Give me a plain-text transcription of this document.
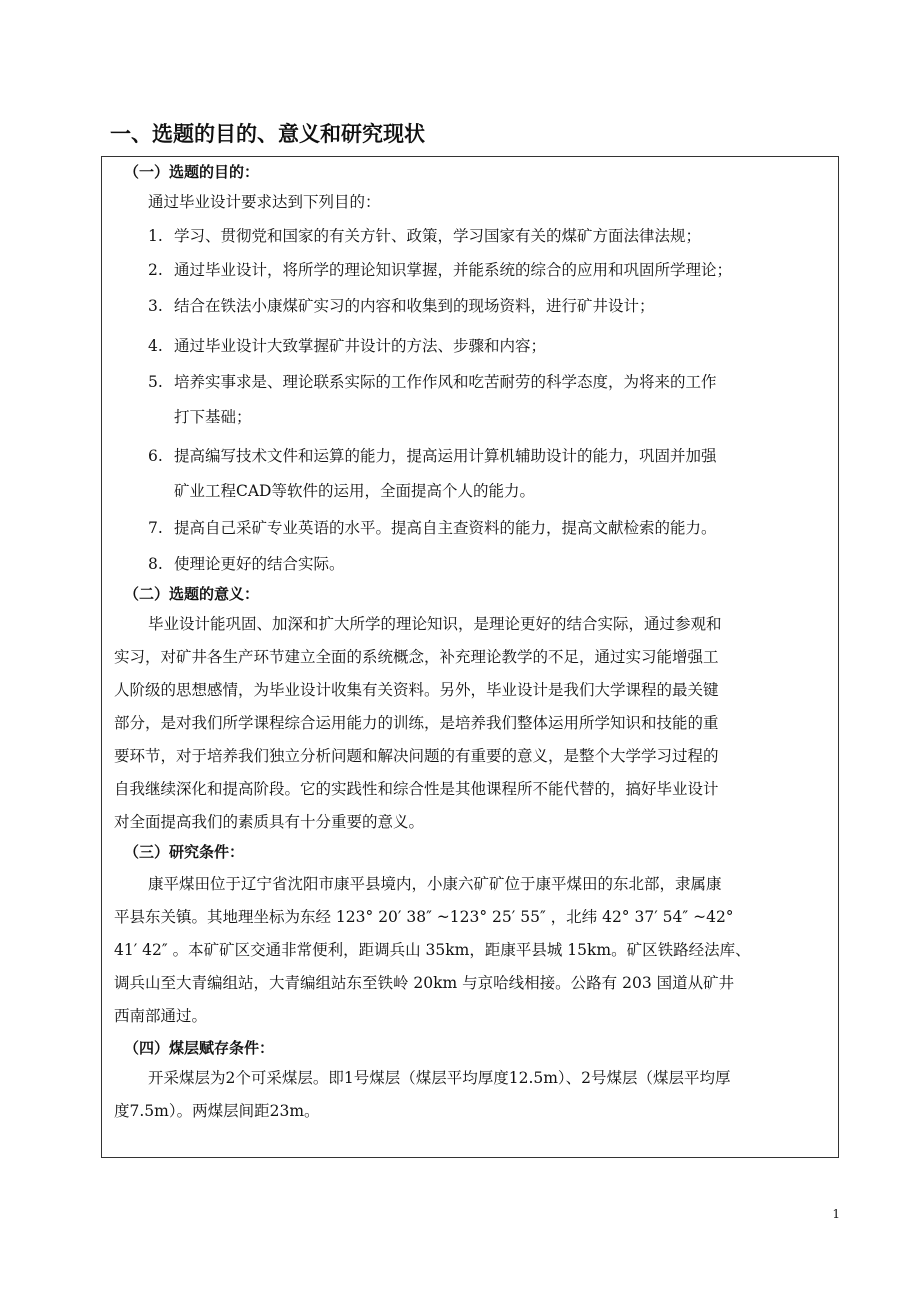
一、选题的目的、意义和研究现状
（一）选题的目的：
通过毕业设计要求达到下列目的：
1. 学习、贯彻党和国家的有关方针、政策，学习国家有关的煤矿方面法律法规；
2. 通过毕业设计，将所学的理论知识掌握，并能系统的综合的应用和巩固所学理论；
3. 结合在铁法小康煤矿实习的内容和收集到的现场资料，进行矿井设计；
4. 通过毕业设计大致掌握矿井设计的方法、步骤和内容；
5. 培养实事求是、理论联系实际的工作作风和吃苦耐劳的科学态度，为将来的工作
打下基础；
6. 提高编写技术文件和运算的能力，提高运用计算机辅助设计的能力，巩固并加强
矿业工程CAD等软件的运用，全面提高个人的能力。
7. 提高自己采矿专业英语的水平。提高自主查资料的能力，提高文献检索的能力。
8. 使理论更好的结合实际。
（二）选题的意义：
毕业设计能巩固、加深和扩大所学的理论知识，是理论更好的结合实际，通过参观和
实习，对矿井各生产环节建立全面的系统概念，补充理论教学的不足，通过实习能增强工
人阶级的思想感情，为毕业设计收集有关资料。另外，毕业设计是我们大学课程的最关键
部分，是对我们所学课程综合运用能力的训练，是培养我们整体运用所学知识和技能的重
要环节，对于培养我们独立分析问题和解决问题的有重要的意义，是整个大学学习过程的
自我继续深化和提高阶段。它的实践性和综合性是其他课程所不能代替的，搞好毕业设计
对全面提高我们的素质具有十分重要的意义。
（三）研究条件：
康平煤田位于辽宁省沈阳市康平县境内，小康六矿矿位于康平煤田的东北部，隶属康
平县东关镇。其地理坐标为东经 123° 20′ 38″ ~123° 25′ 55″ ，北纬 42° 37′ 54″ ~42°
41′ 42″ 。本矿矿区交通非常便利，距调兵山 35km，距康平县城 15km。矿区铁路经法库、
调兵山至大青编组站，大青编组站东至铁岭 20km 与京哈线相接。公路有 203 国道从矿井
西南部通过。
（四）煤层赋存条件：
开采煤层为2个可采煤层。即1号煤层（煤层平均厚度12.5m）、2号煤层（煤层平均厚
度7.5m）。两煤层间距23m。
1
